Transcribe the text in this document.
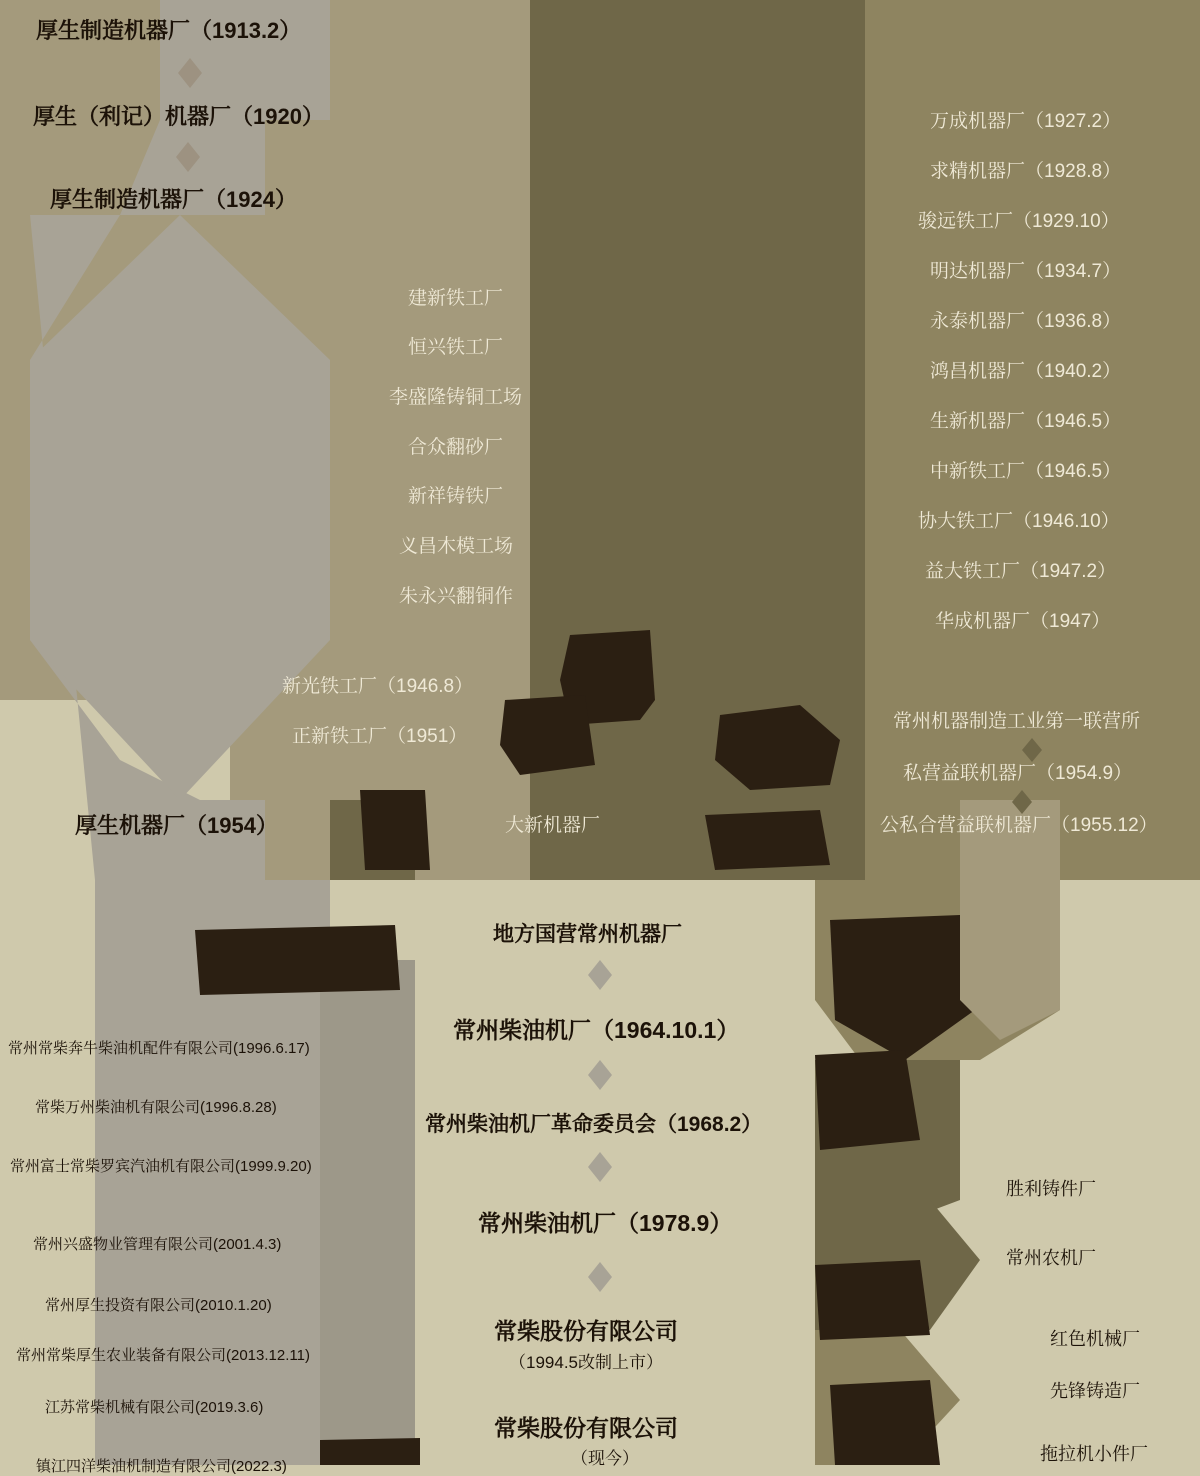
厚生制造机器厂（1913.2）
厚生（利记）机器厂（1920）
厚生制造机器厂（1924）
厚生机器厂（1954）
建新铁工厂
恒兴铁工厂
李盛隆铸铜工场
合众翻砂厂
新祥铸铁厂
义昌木模工场
朱永兴翻铜作
新光铁工厂（1946.8）
正新铁工厂（1951）
大新机器厂
万成机器厂（1927.2）
求精机器厂（1928.8）
骏远铁工厂（1929.10）
明达机器厂（1934.7）
永泰机器厂（1936.8）
鸿昌机器厂（1940.2）
生新机器厂（1946.5）
中新铁工厂（1946.5）
协大铁工厂（1946.10）
益大铁工厂（1947.2）
华成机器厂（1947）
常州机器制造工业第一联营所
私营益联机器厂（1954.9）
公私合营益联机器厂（1955.12）
地方国营常州机器厂
常州柴油机厂（1964.10.1）
常州柴油机厂革命委员会（1968.2）
常州柴油机厂（1978.9）
常柴股份有限公司
（1994.5改制上市）
常柴股份有限公司
（现今）
常州常柴奔牛柴油机配件有限公司(1996.6.17)
常柴万州柴油机有限公司(1996.8.28)
常州富士常柴罗宾汽油机有限公司(1999.9.20)
常州兴盛物业管理有限公司(2001.4.3)
常州厚生投资有限公司(2010.1.20)
常州常柴厚生农业装备有限公司(2013.12.11)
江苏常柴机械有限公司(2019.3.6)
镇江四洋柴油机制造有限公司(2022.3)
胜利铸件厂
常州农机厂
红色机械厂
先锋铸造厂
拖拉机小件厂
